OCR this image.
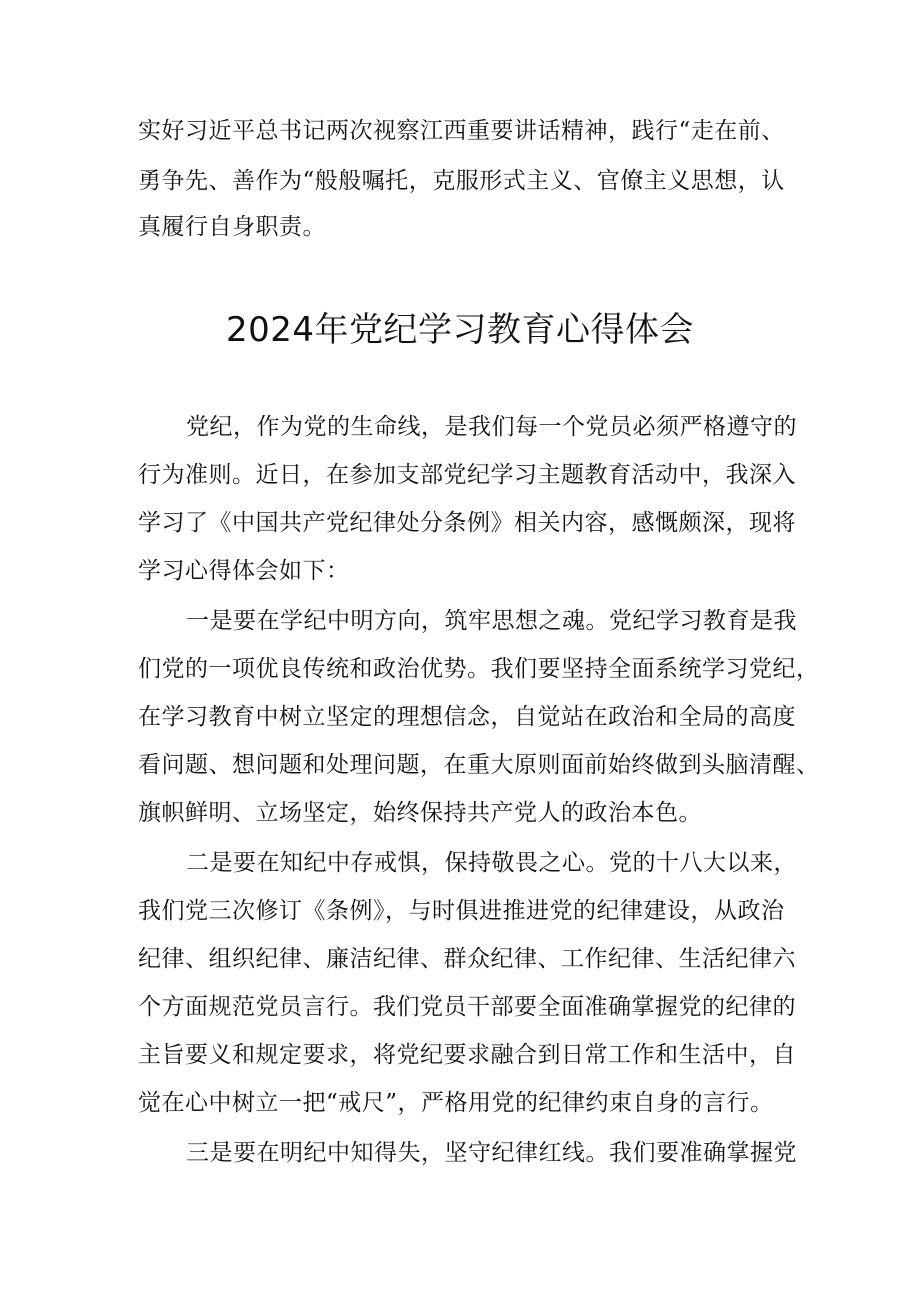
实好习近平总书记两次视察江西重要讲话精神，践行“走在前、
勇争先、善作为“般般嘱托，克服形式主义、官僚主义思想，认
真履行自身职责。
2024年党纪学习教育心得体会
党纪，作为党的生命线，是我们每一个党员必须严格遵守的
行为准则。近日，在参加支部党纪学习主题教育活动中，我深入
学习了《中国共产党纪律处分条例》相关内容，感慨颇深，现将
学习心得体会如下：
一是要在学纪中明方向，筑牢思想之魂。党纪学习教育是我
们党的一项优良传统和政治优势。我们要坚持全面系统学习党纪，
在学习教育中树立坚定的理想信念，自觉站在政治和全局的高度
看问题、想问题和处理问题，在重大原则面前始终做到头脑清醒、
旗帜鲜明、立场坚定，始终保持共产党人的政治本色。
二是要在知纪中存戒惧，保持敬畏之心。党的十八大以来，
我们党三次修订《条例》，与时俱进推进党的纪律建设，从政治
纪律、组织纪律、廉洁纪律、群众纪律、工作纪律、生活纪律六
个方面规范党员言行。我们党员干部要全面准确掌握党的纪律的
主旨要义和规定要求，将党纪要求融合到日常工作和生活中，自
觉在心中树立一把“戒尺”，严格用党的纪律约束自身的言行。
三是要在明纪中知得失，坚守纪律红线。我们要准确掌握党
